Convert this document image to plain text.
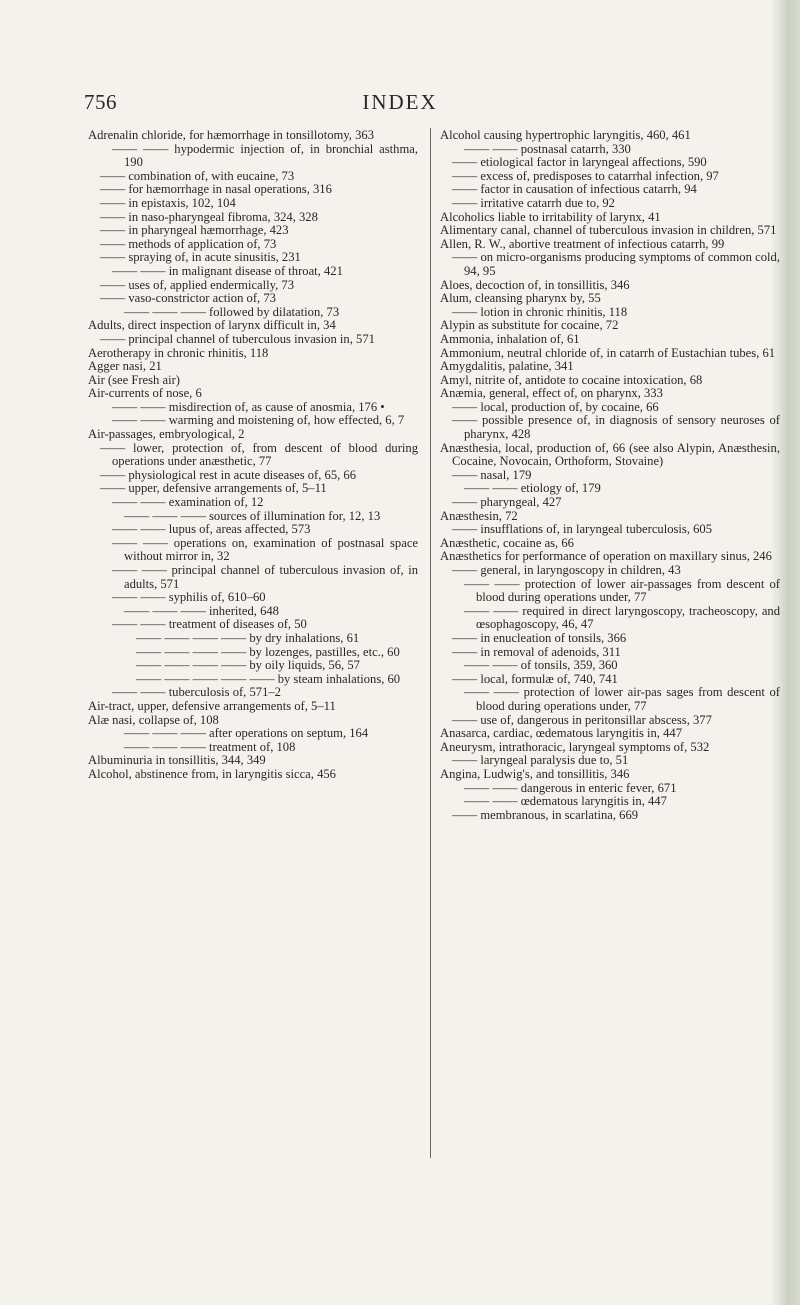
756	INDEX
Adrenalin chloride, for hæmorrhage in tonsillotomy, 363
—— —— hypodermic injection of, in bronchial asthma, 190
—— combination of, with eucaine, 73
—— for hæmorrhage in nasal operations, 316
—— in epistaxis, 102, 104
—— in naso-pharyngeal fibroma, 324, 328
—— in pharyngeal hæmorrhage, 423
—— methods of application of, 73
—— spraying of, in acute sinusitis, 231
—— —— in malignant disease of throat, 421
—— uses of, applied endermically, 73
—— vaso-constrictor action of, 73
—— —— —— followed by dilatation, 73
Adults, direct inspection of larynx difficult in, 34
—— principal channel of tuberculous invasion in, 571
Aerotherapy in chronic rhinitis, 118
Agger nasi, 21
Air (see Fresh air)
Air-currents of nose, 6
—— —— misdirection of, as cause of anosmia, 176 •
—— —— warming and moistening of, how effected, 6, 7
Air-passages, embryological, 2
—— lower, protection of, from descent of blood during operations under anæsthetic, 77
—— physiological rest in acute diseases of, 65, 66
—— upper, defensive arrangements of, 5–11
—— —— examination of, 12
—— —— —— sources of illumination for, 12, 13
—— —— lupus of, areas affected, 573
—— —— operations on, examination of postnasal space without mirror in, 32
—— —— principal channel of tuberculous invasion of, in adults, 571
—— —— syphilis of, 610–60
—— —— —— inherited, 648
—— —— treatment of diseases of, 50
—— —— —— —— by dry inhalations, 61
—— —— —— —— by lozenges, pastilles, etc., 60
—— —— —— —— by oily liquids, 56, 57
—— —— —— —— —— by steam inhalations, 60
—— —— tuberculosis of, 571–2
Air-tract, upper, defensive arrangements of, 5–11
Alæ nasi, collapse of, 108
—— —— —— after operations on septum, 164
—— —— —— treatment of, 108
Albuminuria in tonsillitis, 344, 349
Alcohol, abstinence from, in laryngitis sicca, 456
Alcohol causing hypertrophic laryngitis, 460, 461
—— —— postnasal catarrh, 330
—— etiological factor in laryngeal affections, 590
—— excess of, predisposes to catarrhal infection, 97
—— factor in causation of infectious catarrh, 94
—— irritative catarrh due to, 92
Alcoholics liable to irritability of larynx, 41
Alimentary canal, channel of tuberculous invasion in children, 571
Allen, R. W., abortive treatment of infectious catarrh, 99
—— on micro-organisms producing symptoms of common cold, 94, 95
Aloes, decoction of, in tonsillitis, 346
Alum, cleansing pharynx by, 55
—— lotion in chronic rhinitis, 118
Alypin as substitute for cocaine, 72
Ammonia, inhalation of, 61
Ammonium, neutral chloride of, in catarrh of Eustachian tubes, 61
Amygdalitis, palatine, 341
Amyl, nitrite of, antidote to cocaine intoxication, 68
Anæmia, general, effect of, on pharynx, 333
—— local, production of, by cocaine, 66
—— possible presence of, in diagnosis of sensory neuroses of pharynx, 428
Anæsthesia, local, production of, 66 (see also Alypin, Anæsthesin, Cocaine, Novocain, Orthoform, Stovaine)
—— nasal, 179
—— —— etiology of, 179
—— pharyngeal, 427
Anæsthesin, 72
—— insufflations of, in laryngeal tuberculosis, 605
Anæsthetic, cocaine as, 66
Anæsthetics for performance of operation on maxillary sinus, 246
—— general, in laryngoscopy in children, 43
—— —— protection of lower air-passages from descent of blood during operations under, 77
—— —— required in direct laryngoscopy, tracheoscopy, and œsophagoscopy, 46, 47
—— in enucleation of tonsils, 366
—— in removal of adenoids, 311
—— —— of tonsils, 359, 360
—— local, formulæ of, 740, 741
—— —— protection of lower air-pas sages from descent of blood during operations under, 77
—— use of, dangerous in peritonsillar abscess, 377
Anasarca, cardiac, œdematous laryngitis in, 447
Aneurysm, intrathoracic, laryngeal symptoms of, 532
—— laryngeal paralysis due to, 51
Angina, Ludwig's, and tonsillitis, 346
—— —— dangerous in enteric fever, 671
—— —— œdematous laryngitis in, 447
—— membranous, in scarlatina, 669
